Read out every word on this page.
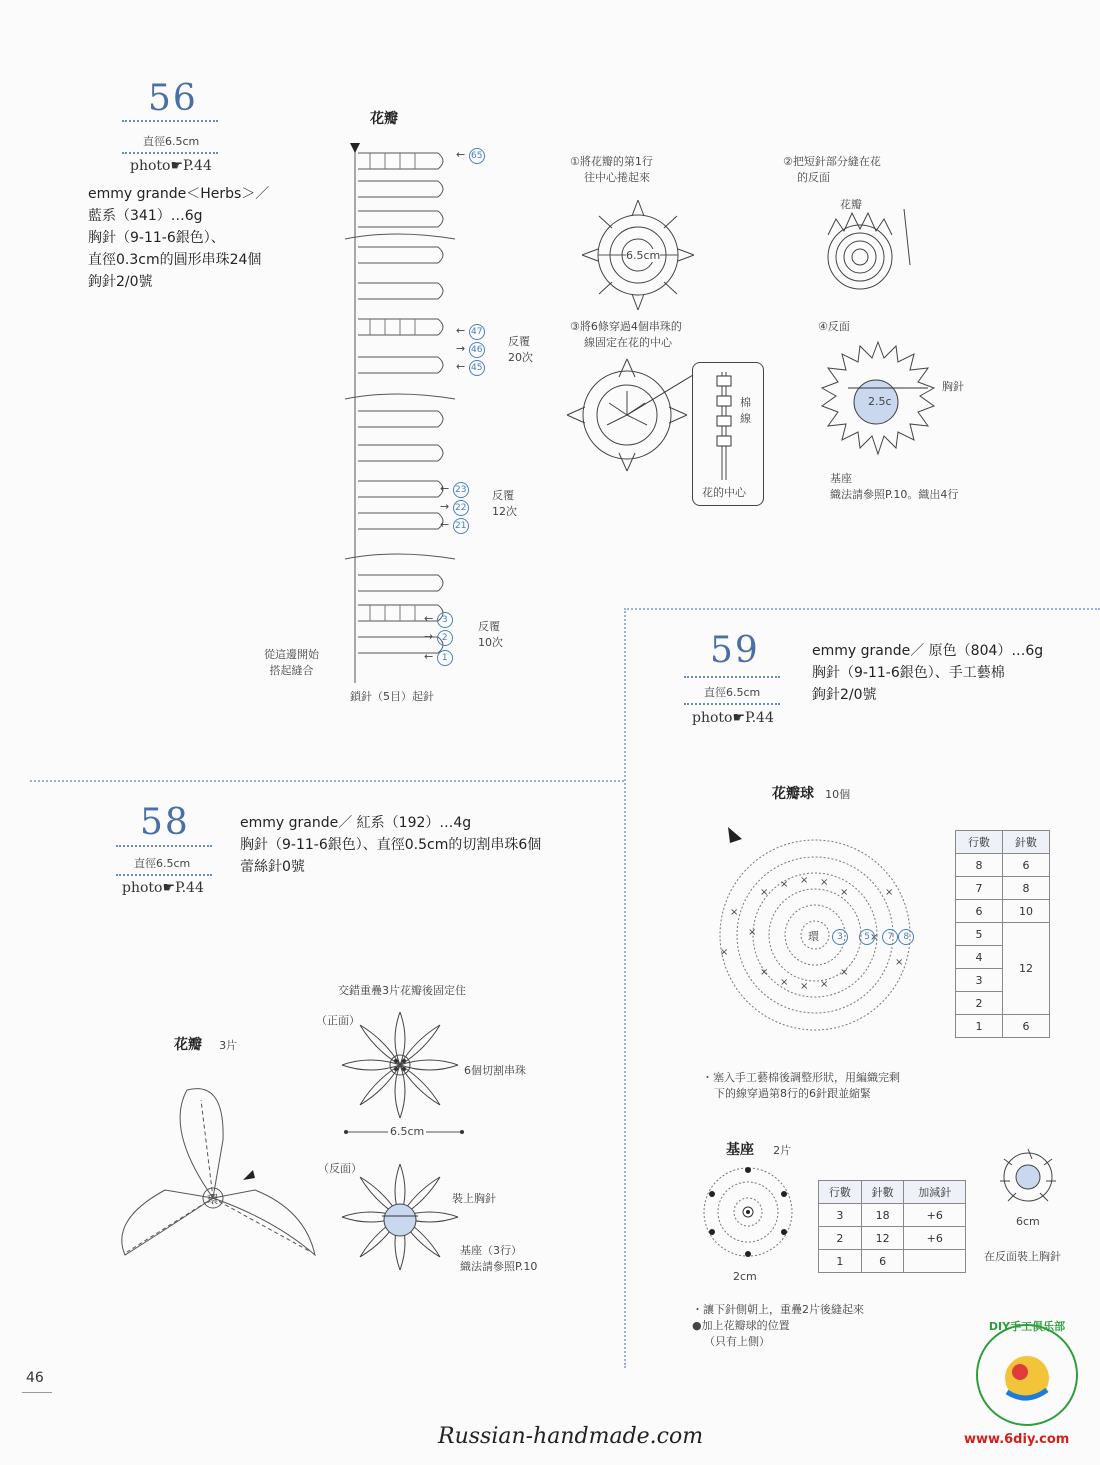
56
直徑6.5cm
photo☛P.44
emmy grande＜Herbs＞／
藍系（341）…6g
胸針（9-11-6銀色）、
直徑0.3cm的圓形串珠24個
鉤針2/0號
花瓣
← 65
← 47
→ 46
← 45
反覆
20次
← 23
→ 22
← 21
反覆
12次
← 3
→ 2
← 1
反覆
10次
從這邊開始
搭起縫合
鎖針（5目）起針
①將花瓣的第1行
往中心捲起來
6.5cm
②把短針部分縫在花
的反面
花瓣
③將6條穿過4個串珠的
線固定在花的中心
棉線
花的中心
④反面
2.5c
胸針
基座
織法請參照P.10。織出4行
59
直徑6.5cm
photo☛P.44
emmy grande／ 原色（804）…6g
胸針（9-11-6銀色）、手工藝棉
鉤針2/0號
花瓣球 10個
×
× × ×
×
×
× × ×
×
×	×
×
×
×
×
環	3 5 7 8
行數	針數
8	6
7	8
6	10
5	12
4	
3	
2	
1	6
・塞入手工藝棉後調整形狀，用編織完剩
下的線穿過第8行的6針跟並縮緊
基座 2片
2cm
行數	針數	加減針
3	18	+6
2	12	+6
1	6	
6cm
在反面裝上胸針
・讓下針側朝上，重疊2片後縫起來
●加上花瓣球的位置
（只有上側）
58
直徑6.5cm
photo☛P.44
emmy grande／ 紅系（192）…4g
胸針（9-11-6銀色）、直徑0.5cm的切割串珠6個
蕾絲針0號
交錯重疊3片花瓣後固定住
（正面）
6個切割串珠
6.5cm
（反面）
裝上胸針
基座（3行）
織法請參照P.10
花瓣 3片
環
46
Russian-handmade.com
DIY手工俱乐部
www.6diy.com
